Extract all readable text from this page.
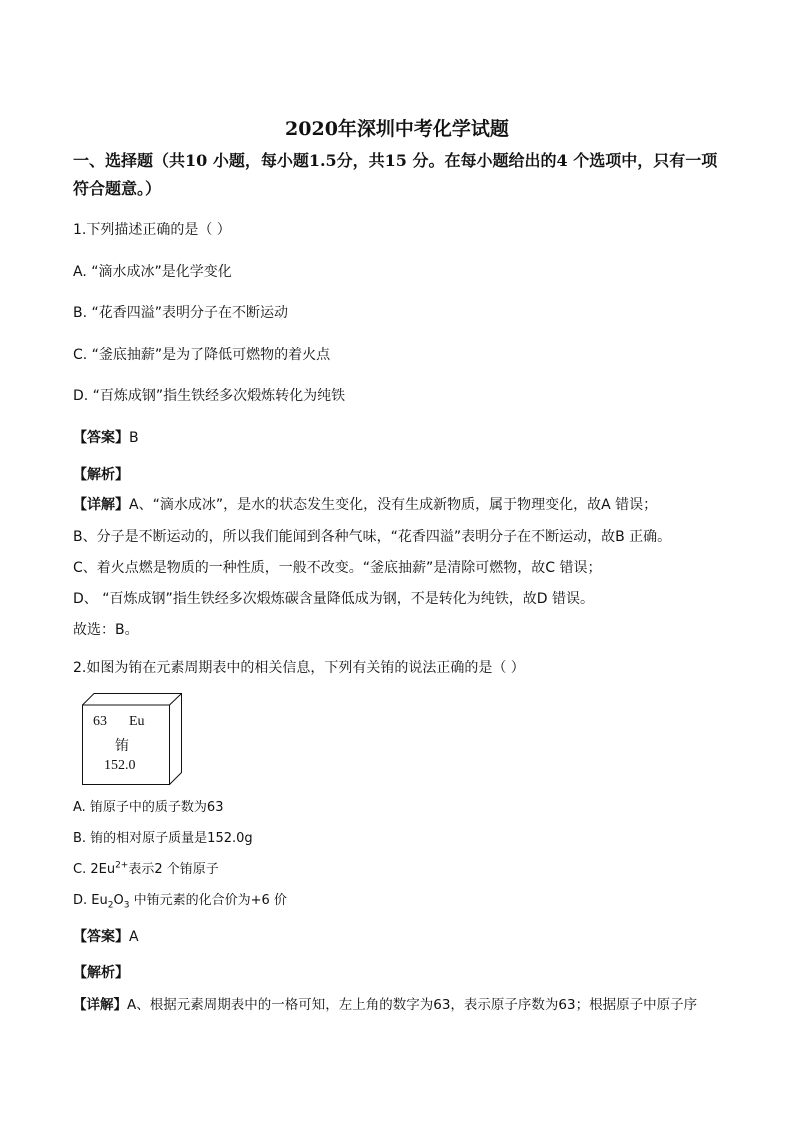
2020年深圳中考化学试题
一、选择题（共10 小题，每小题1.5分，共15 分。在每小题给出的4 个选项中，只有一项
符合题意。）
1.下列描述正确的是（ ）
A. “滴水成冰”是化学变化
B. “花香四溢”表明分子在不断运动
C. “釜底抽薪”是为了降低可燃物的着火点
D. “百炼成钢”指生铁经多次煅炼转化为纯铁
【答案】B
【解析】
【详解】A、“滴水成冰”，是水的状态发生变化，没有生成新物质，属于物理变化，故A 错误；
B、分子是不断运动的，所以我们能闻到各种气味，“花香四溢”表明分子在不断运动，故B 正确。
C、着火点燃是物质的一种性质，一般不改变。“釜底抽薪”是清除可燃物，故C 错误；
D、 “百炼成钢”指生铁经多次煅炼碳含量降低成为钢，不是转化为纯铁，故D 错误。
故选：B。
2.如图为铕在元素周期表中的相关信息，下列有关铕的说法正确的是（ ）
63 Eu
铕
152.0
A. 铕原子中的质子数为63
B. 铕的相对原子质量是152.0g
C. $2Eu^{2+}$表示2 个铕原子
D. $Eu_2O_3$ 中铕元素的化合价为+6 价
【答案】A
【解析】
【详解】A、根据元素周期表中的一格可知，左上角的数字为63，表示原子序数为63；根据原子中原子序
